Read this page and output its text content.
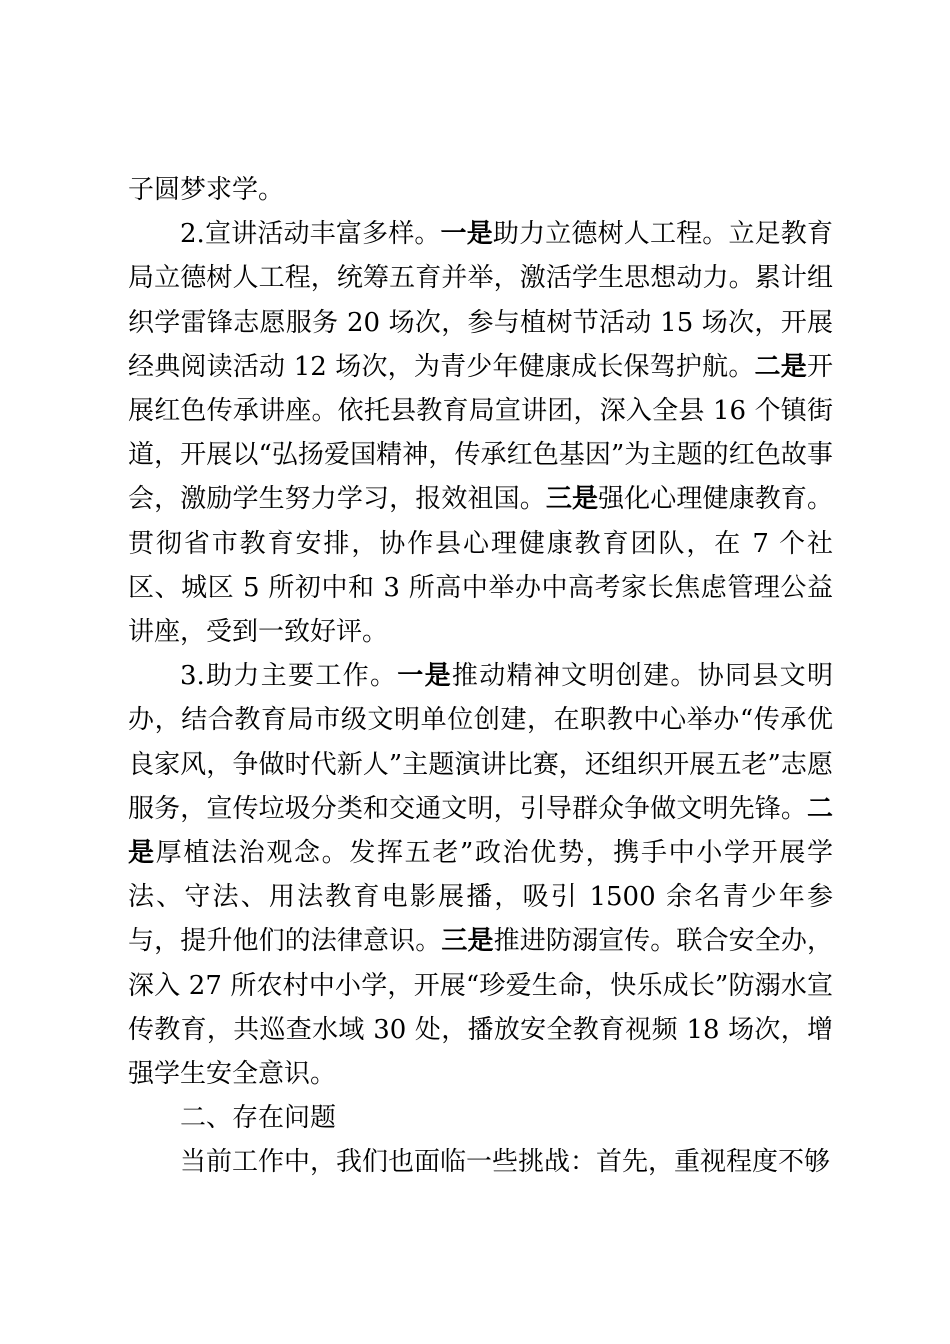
子圆梦求学。

2.宣讲活动丰富多样。一是助力立德树人工程。立足教育局立德树人工程，统筹五育并举，激活学生思想动力。累计组织学雷锋志愿服务 20 场次，参与植树节活动 15 场次，开展经典阅读活动 12 场次，为青少年健康成长保驾护航。二是开展红色传承讲座。依托县教育局宣讲团，深入全县 16 个镇街道，开展以“弘扬爱国精神，传承红色基因”为主题的红色故事会，激励学生努力学习，报效祖国。三是强化心理健康教育。贯彻省市教育安排，协作县心理健康教育团队，在 7 个社区、城区 5 所初中和 3 所高中举办中高考家长焦虑管理公益讲座，受到一致好评。

3.助力主要工作。一是推动精神文明创建。协同县文明办，结合教育局市级文明单位创建，在职教中心举办“传承优良家风，争做时代新人”主题演讲比赛，还组织开展五老”志愿服务，宣传垃圾分类和交通文明，引导群众争做文明先锋。二是厚植法治观念。发挥五老”政治优势，携手中小学开展学法、守法、用法教育电影展播，吸引 1500 余名青少年参与，提升他们的法律意识。三是推进防溺宣传。联合安全办，深入 27 所农村中小学，开展“珍爱生命，快乐成长”防溺水宣传教育，共巡查水域 30 处，播放安全教育视频 18 场次，增强学生安全意识。

二、存在问题

当前工作中，我们也面临一些挑战：首先，重视程度不够
